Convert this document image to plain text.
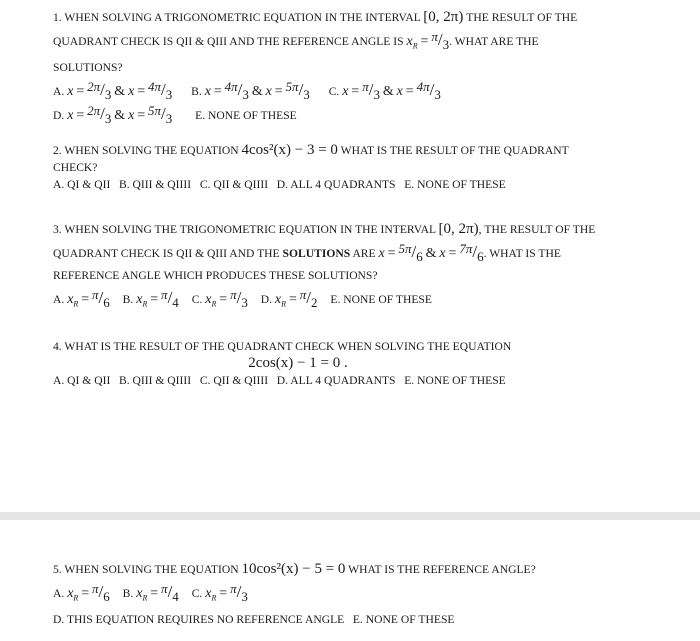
1. WHEN SOLVING A TRIGONOMETRIC EQUATION IN THE INTERVAL [0, 2π) THE RESULT OF THE
QUADRANT CHECK IS QII & QIII AND THE REFERENCE ANGLE IS $x_R = \pi/3$. WHAT ARE THE
SOLUTIONS?
A. x = 2π/3 & x = 4π/3 B. x = 4π/3 & x = 5π/3 C. x = π/3 & x = 4π/3
D. x = 2π/3 & x = 5π/3 E. NONE OF THESE
2. WHEN SOLVING THE EQUATION 4cos²(x) − 3 = 0 WHAT IS THE RESULT OF THE QUADRANT
CHECK?
A. QI & QII   B. QIII & QIIII   C. QII & QIIII   D. ALL 4 QUADRANTS   E. NONE OF THESE
3. WHEN SOLVING THE TRIGONOMETRIC EQUATION IN THE INTERVAL [0, 2π), THE RESULT OF THE
QUADRANT CHECK IS QII & QIII AND THE SOLUTIONS ARE x = 5π/6 & x = 7π/6. WHAT IS THE
REFERENCE ANGLE WHICH PRODUCES THESE SOLUTIONS?
A. $x_R = \pi/6$ B. $x_R = \pi/4$ C. $x_R = \pi/3$ D. $x_R = \pi/2$ E. NONE OF THESE
4. WHAT IS THE RESULT OF THE QUADRANT CHECK WHEN SOLVING THE EQUATION
2cos(x) − 1 = 0 .
A. QI & QII   B. QIII & QIIII   C. QII & QIIII   D. ALL 4 QUADRANTS   E. NONE OF THESE
5. WHEN SOLVING THE EQUATION 10cos²(x) − 5 = 0 WHAT IS THE REFERENCE ANGLE?
A. $x_R = \pi/6$ B. $x_R = \pi/4$ C. $x_R = \pi/3$
D. THIS EQUATION REQUIRES NO REFERENCE ANGLE   E. NONE OF THESE
